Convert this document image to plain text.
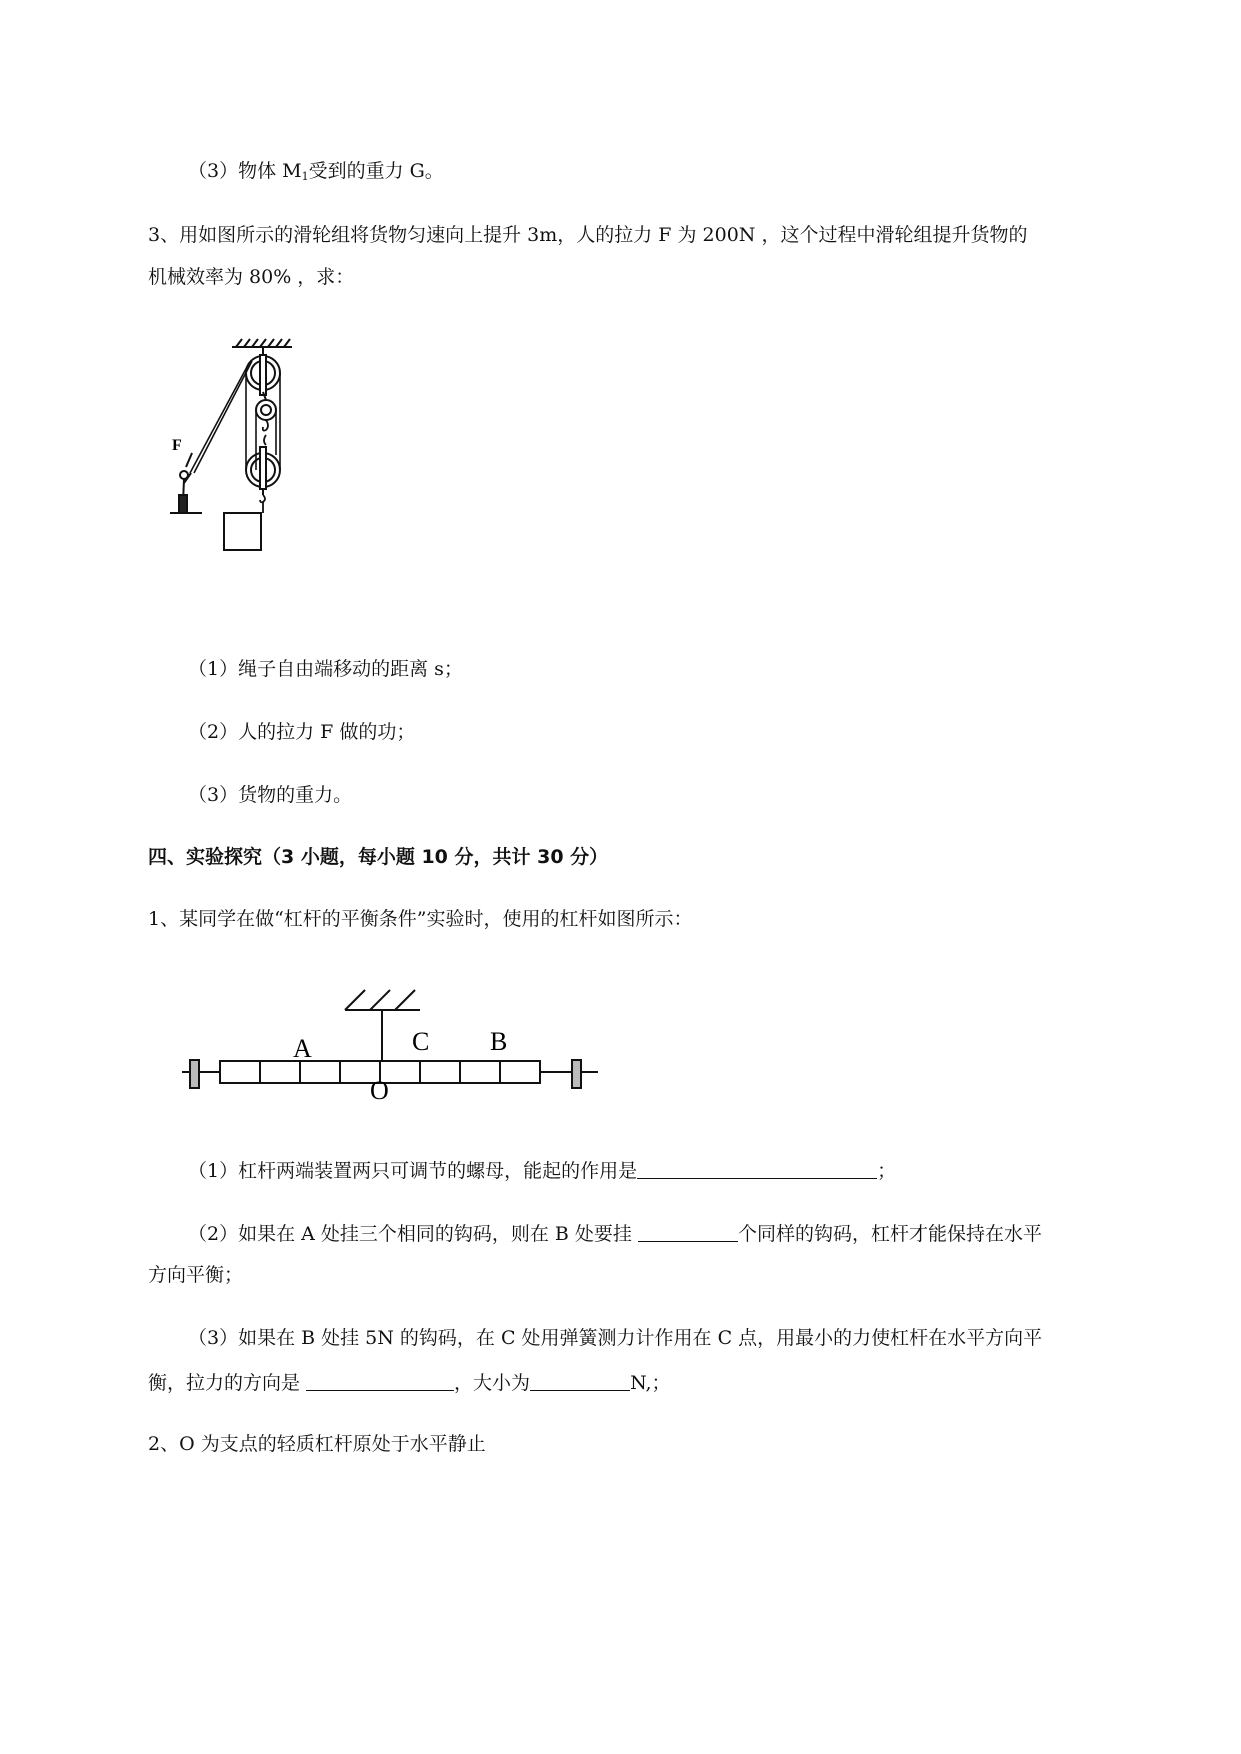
（3）物体 $M_1$受到的重力 G。
3、用如图所示的滑轮组将货物匀速向上提升 3m，人的拉力 F 为 200N ，这个过程中滑轮组提升货物的
机械效率为 80% ，求：
F
（1）绳子自由端移动的距离 s；
（2）人的拉力 F 做的功；
（3）货物的重力。
四、实验探究（3 小题，每小题 10 分，共计 30 分）
1、某同学在做“杠杆的平衡条件”实验时，使用的杠杆如图所示：
A	C B
O
（1）杠杆两端装置两只可调节的螺母，能起的作用是	；
（2）如果在 A 处挂三个相同的钩码，则在 B 处要挂	个同样的钩码，杠杆才能保持在水平
方向平衡；
（3）如果在 B 处挂 5N 的钩码，在 C 处用弹簧测力计作用在 C 点，用最小的力使杠杆在水平方向平
衡，拉力的方向是	，大小为	N,；
2、O 为支点的轻质杠杆原处于水平静止
